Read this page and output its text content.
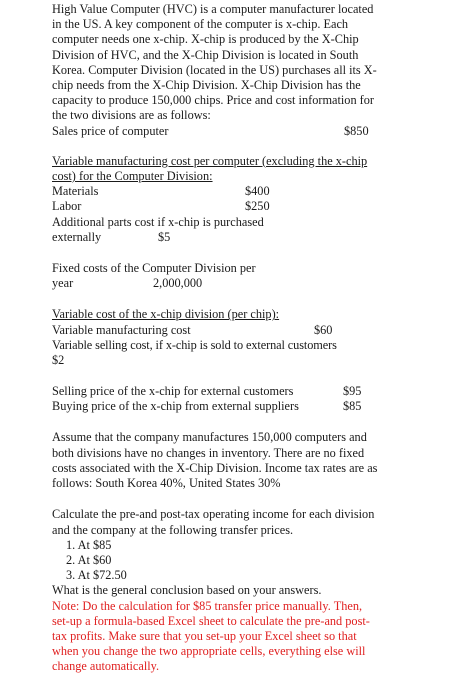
High Value Computer (HVC) is a computer manufacturer located in the US. A key component of the computer is x-chip. Each computer needs one x-chip. X-chip is produced by the X-Chip Division of HVC, and the X-Chip Division is located in South Korea. Computer Division (located in the US) purchases all its X-chip needs from the X-Chip Division. X-Chip Division has the capacity to produce 150,000 chips. Price and cost information for the two divisions are as follows:

Sales price of computer	$850

Variable manufacturing cost per computer (excluding the x-chip cost) for the Computer Division:

Materials	$400
Labor	$250
Additional parts cost if x-chip is purchased
externally	$5
Fixed costs of the Computer Division per
year	2,000,000

Variable cost of the x-chip division (per chip):

Variable manufacturing cost	$60
Variable selling cost, if x-chip is sold to external customers
$2
Selling price of the x-chip for external customers	$95
Buying price of the x-chip from external suppliers	$85

Assume that the company manufactures 150,000 computers and both divisions have no changes in inventory. There are no fixed costs associated with the X-Chip Division. Income tax rates are as follows: South Korea 40%, United States 30%

Calculate the pre-and post-tax operating income for each division and the company at the following transfer prices.

1. At $85
2. At $60
3. At $72.50

What is the general conclusion based on your answers.

Note: Do the calculation for $85 transfer price manually. Then, set-up a formula-based Excel sheet to calculate the pre-and post-tax profits. Make sure that you set-up your Excel sheet so that when you change the two appropriate cells, everything else will change automatically.
